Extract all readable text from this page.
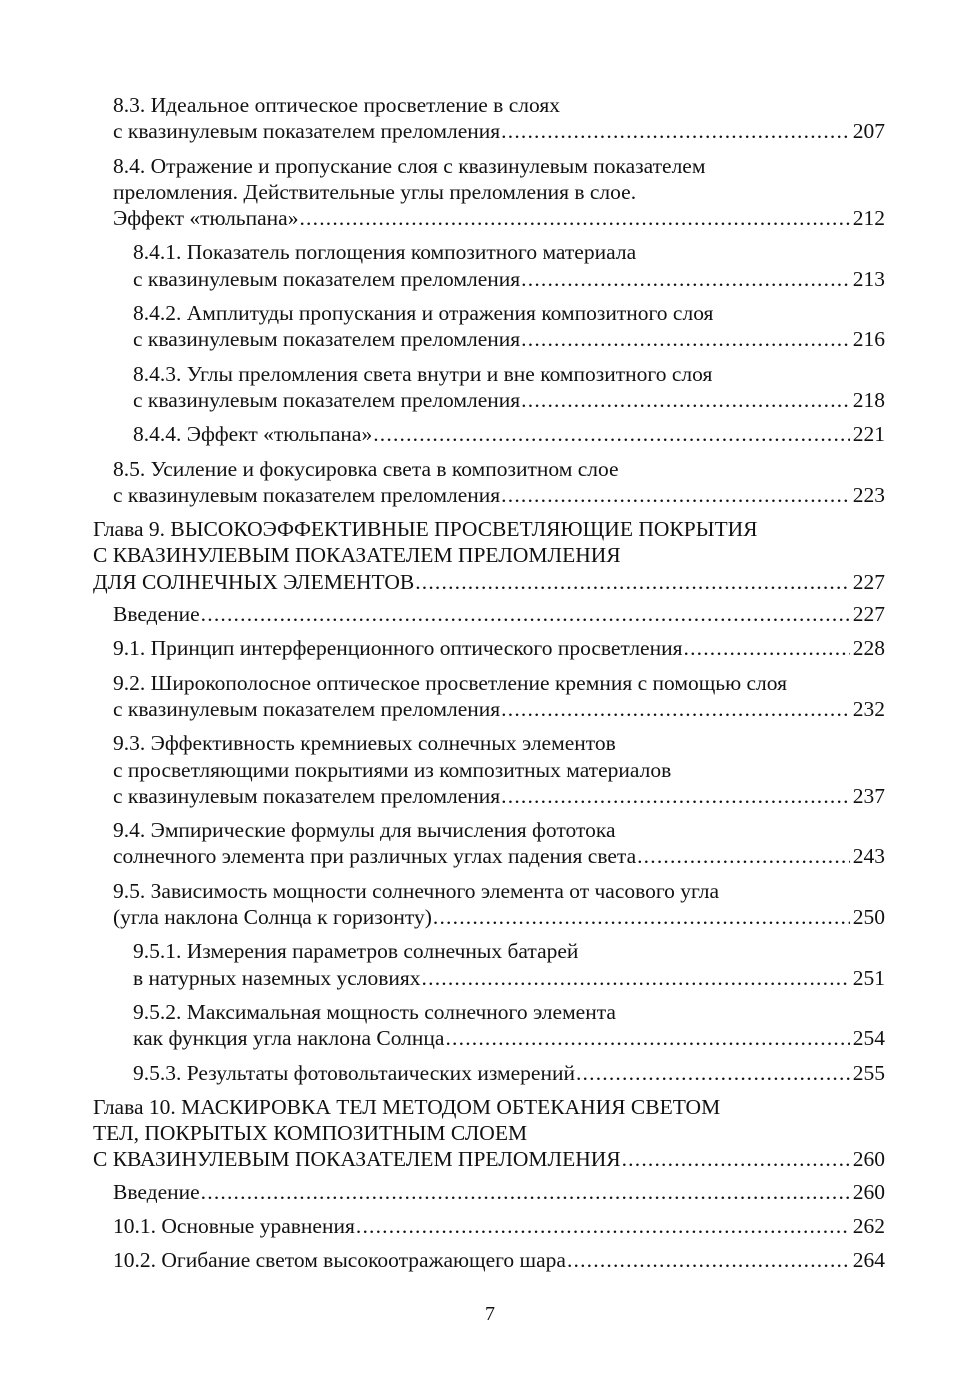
8.3. Идеальное оптическое просветление в слоях
с квазинулевым показателем преломления .....	207
8.4. Отражение и пропускание слоя с квазинулевым показателем
преломления. Действительные углы преломления в слое.
Эффект «тюльпана» .....	212
8.4.1. Показатель поглощения композитного материала
с квазинулевым показателем преломления .....	213
8.4.2. Амплитуды пропускания и отражения композитного слоя
с квазинулевым показателем преломления .....	216
8.4.3. Углы преломления света внутри и вне композитного слоя
с квазинулевым показателем преломления .....	218
8.4.4. Эффект «тюльпана» .....	221
8.5. Усиление и фокусировка света в композитном слое
с квазинулевым показателем преломления .....	223
Глава 9. ВЫСОКОЭФФЕКТИВНЫЕ ПРОСВЕТЛЯЮЩИЕ ПОКРЫТИЯ
С КВАЗИНУЛЕВЫМ ПОКАЗАТЕЛЕМ ПРЕЛОМЛЕНИЯ
ДЛЯ СОЛНЕЧНЫХ ЭЛЕМЕНТОВ .....	227
Введение .....	227
9.1. Принцип интерференционного оптического просветления .....	228
9.2. Широкополосное оптическое просветление кремния с помощью слоя
с квазинулевым показателем преломления .....	232
9.3. Эффективность кремниевых солнечных элементов
с просветляющими покрытиями из композитных материалов
с квазинулевым показателем преломления .....	237
9.4. Эмпирические формулы для вычисления фототока
солнечного элемента при различных углах падения света .....	243
9.5. Зависимость мощности солнечного элемента от часового угла
(угла наклона Солнца к горизонту) .....	250
9.5.1. Измерения параметров солнечных батарей
в натурных наземных условиях .....	251
9.5.2. Максимальная мощность солнечного элемента
как функция угла наклона Солнца .....	254
9.5.3. Результаты фотовольтаических измерений .....	255
Глава 10. МАСКИРОВКА ТЕЛ МЕТОДОМ ОБТЕКАНИЯ СВЕТОМ
ТЕЛ, ПОКРЫТЫХ КОМПОЗИТНЫМ СЛОЕМ
С КВАЗИНУЛЕВЫМ ПОКАЗАТЕЛЕМ ПРЕЛОМЛЕНИЯ .....	260
Введение .....	260
10.1. Основные уравнения .....	262
10.2. Огибание светом высокоотражающего шара .....	264
7
